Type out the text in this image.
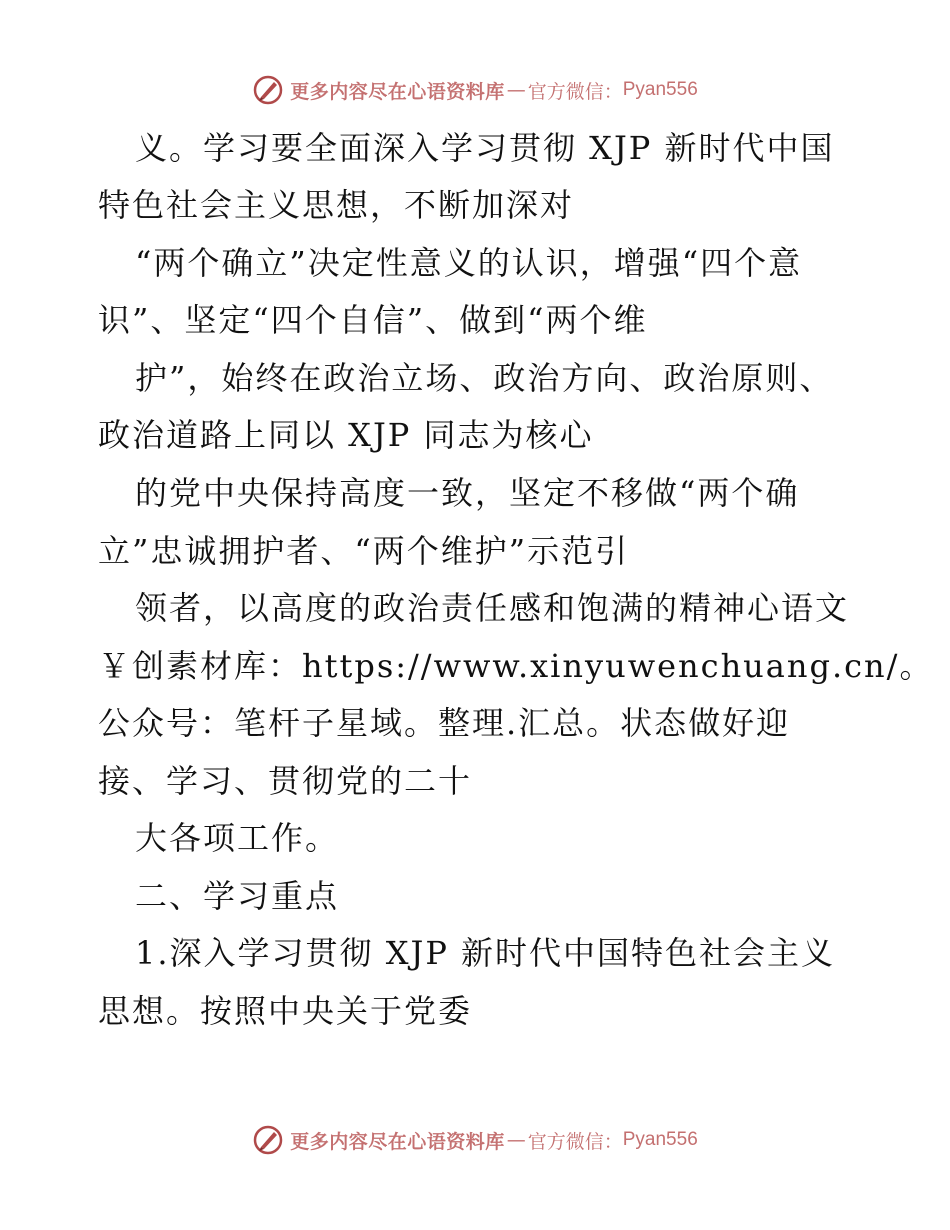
更多内容尽在心语资料库 — 官方微信： Pyan556
义。学习要全面深入学习贯彻 XJP 新时代中国
特色社会主义思想，不断加深对
“两个确立”决定性意义的认识，增强“四个意
识”、坚定“四个自信”、做到“两个维
护”，始终在政治立场、政治方向、政治原则、
政治道路上同以 XJP 同志为核心
的党中央保持高度一致，坚定不移做“两个确
立”忠诚拥护者、“两个维护”示范引
领者，以高度的政治责任感和饱满的精神心语文
￥创素材库：https://www.xinyuwenchuang.cn/。
公众号：笔杆子星域。整理.汇总。状态做好迎
接、学习、贯彻党的二十
大各项工作。
二、学习重点
1.深入学习贯彻 XJP 新时代中国特色社会主义
思想。按照中央关于党委
更多内容尽在心语资料库 — 官方微信： Pyan556
